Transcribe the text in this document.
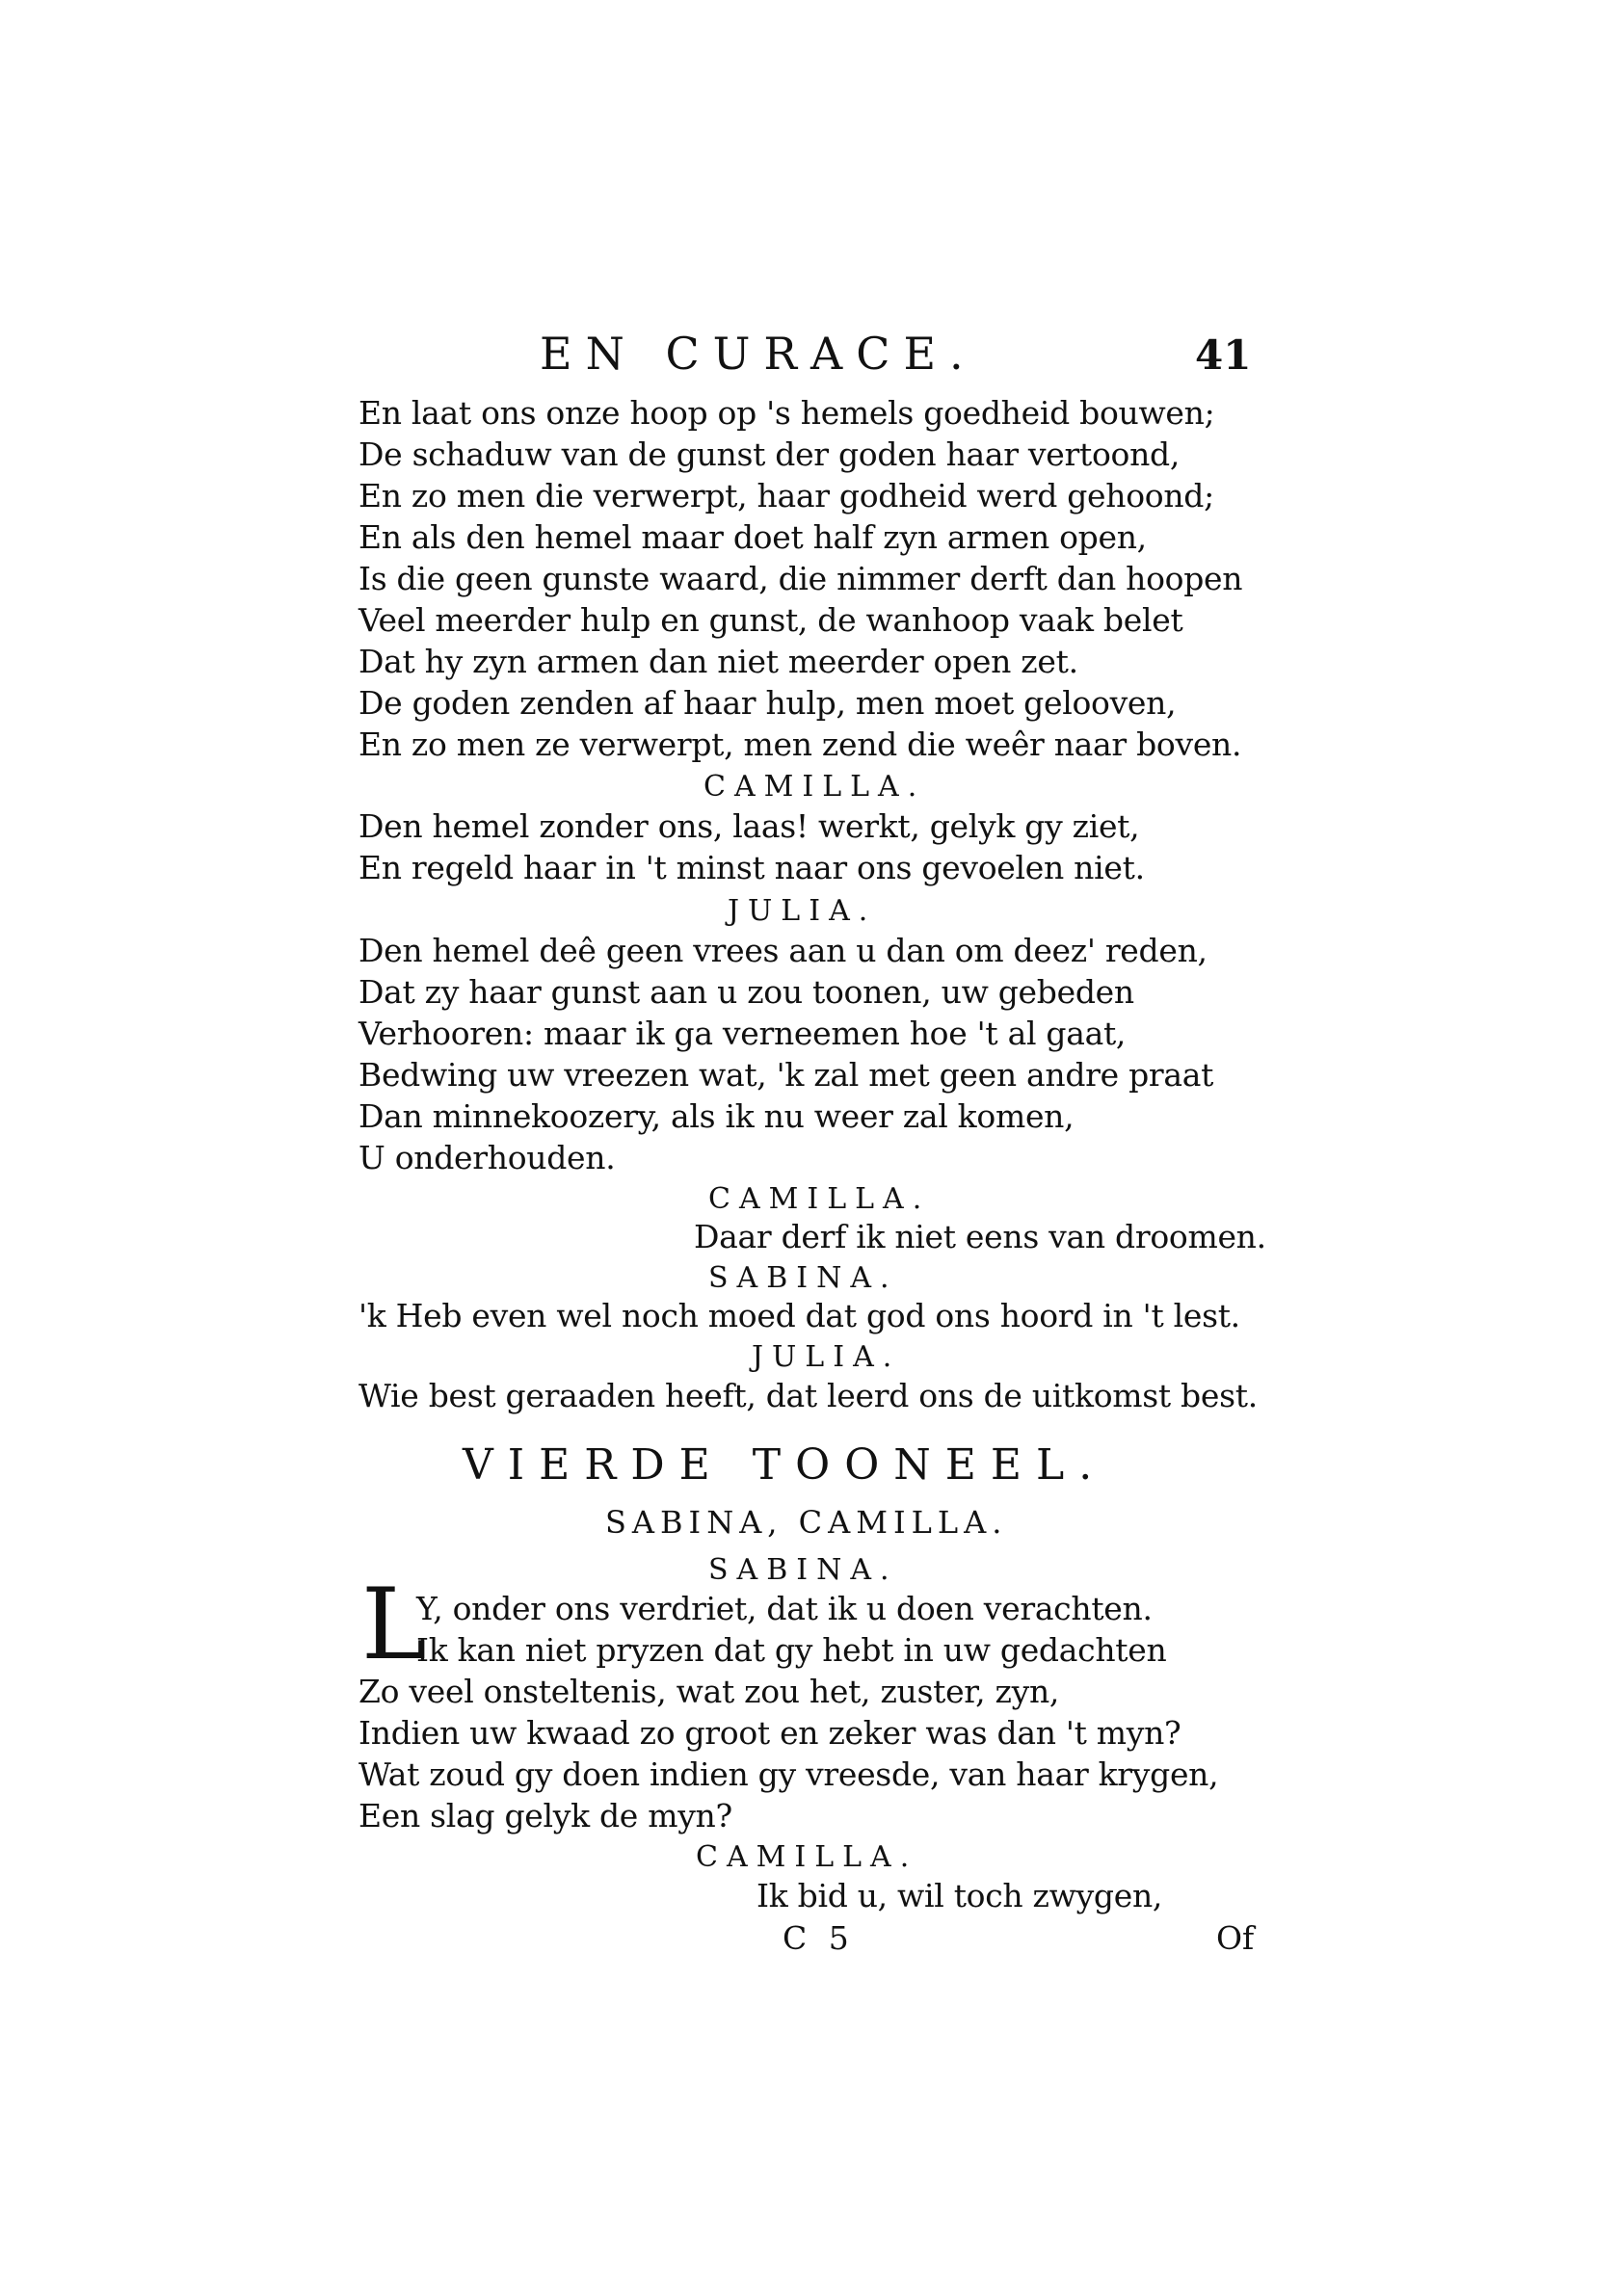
EN CURACE.	41
En laat ons onze hoop op 's hemels goedheid bouwen;
De schaduw van de gunst der goden haar vertoond,
En zo men die verwerpt, haar godheid werd gehoond;
En als den hemel maar doet half zyn armen open,
Is die geen gunste waard, die nimmer derft dan hoopen
Veel meerder hulp en gunst, de wanhoop vaak belet
Dat hy zyn armen dan niet meerder open zet.
De goden zenden af haar hulp, men moet gelooven,
En zo men ze verwerpt, men zend die weêr naar boven.
CAMILLA.
Den hemel zonder ons, laas! werkt, gelyk gy ziet,
En regeld haar in 't minst naar ons gevoelen niet.
JULIA.
Den hemel deê geen vrees aan u dan om deez' reden,
Dat zy haar gunst aan u zou toonen, uw gebeden
Verhooren: maar ik ga verneemen hoe 't al gaat,
Bedwing uw vreezen wat, 'k zal met geen andre praat
Dan minnekoozery, als ik nu weer zal komen,
U onderhouden.
CAMILLA.
Daar derf ik niet eens van droomen.
SABINA.
'k Heb even wel noch moed dat god ons hoord in 't lest.
JULIA.
Wie best geraaden heeft, dat leerd ons de uitkomst best.
VIERDE TOONEEL.
SABINA, CAMILLA.
SABINA.
L
Y, onder ons verdriet, dat ik u doen verachten.
Ik kan niet pryzen dat gy hebt in uw gedachten
Zo veel onsteltenis, wat zou het, zuster, zyn,
Indien uw kwaad zo groot en zeker was dan 't myn?
Wat zoud gy doen indien gy vreesde, van haar krygen,
Een slag gelyk de myn?
CAMILLA.
Ik bid u, wil toch zwygen,
C 5	Of
